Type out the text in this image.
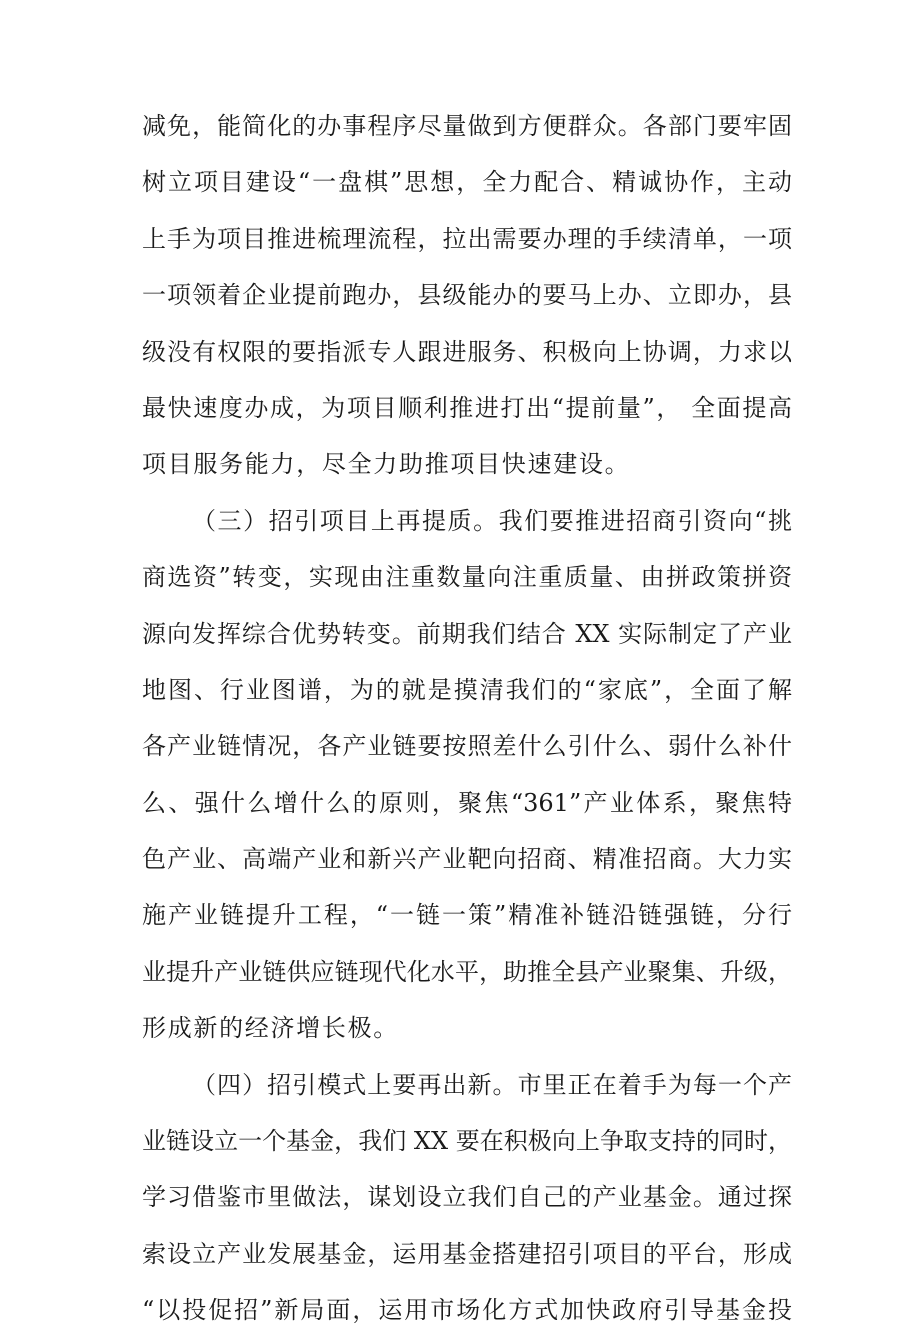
减免，能简化的办事程序尽量做到方便群众。各部门要牢固
树立项目建设“一盘棋”思想，全力配合、精诚协作，主动
上手为项目推进梳理流程，拉出需要办理的手续清单，一项
一项领着企业提前跑办，县级能办的要马上办、立即办，县
级没有权限的要指派专人跟进服务、积极向上协调，力求以
最快速度办成，为项目顺利推进打出“提前量”， 全面提高
项目服务能力，尽全力助推项目快速建设。
（三）招引项目上再提质。我们要推进招商引资向“挑
商选资”转变，实现由注重数量向注重质量、由拼政策拼资
源向发挥综合优势转变。前期我们结合 XX 实际制定了产业
地图、行业图谱，为的就是摸清我们的“家底”，全面了解
各产业链情况，各产业链要按照差什么引什么、弱什么补什
么、强什么增什么的原则，聚焦“361”产业体系，聚焦特
色产业、高端产业和新兴产业靶向招商、精准招商。大力实
施产业链提升工程，“一链一策”精准补链沿链强链，分行
业提升产业链供应链现代化水平，助推全县产业聚集、升级，
形成新的经济增长极。
（四）招引模式上要再出新。市里正在着手为每一个产
业链设立一个基金，我们 XX 要在积极向上争取支持的同时，
学习借鉴市里做法，谋划设立我们自己的产业基金。通过探
索设立产业发展基金，运用基金搭建招引项目的平台，形成
“以投促招”新局面，运用市场化方式加快政府引导基金投
